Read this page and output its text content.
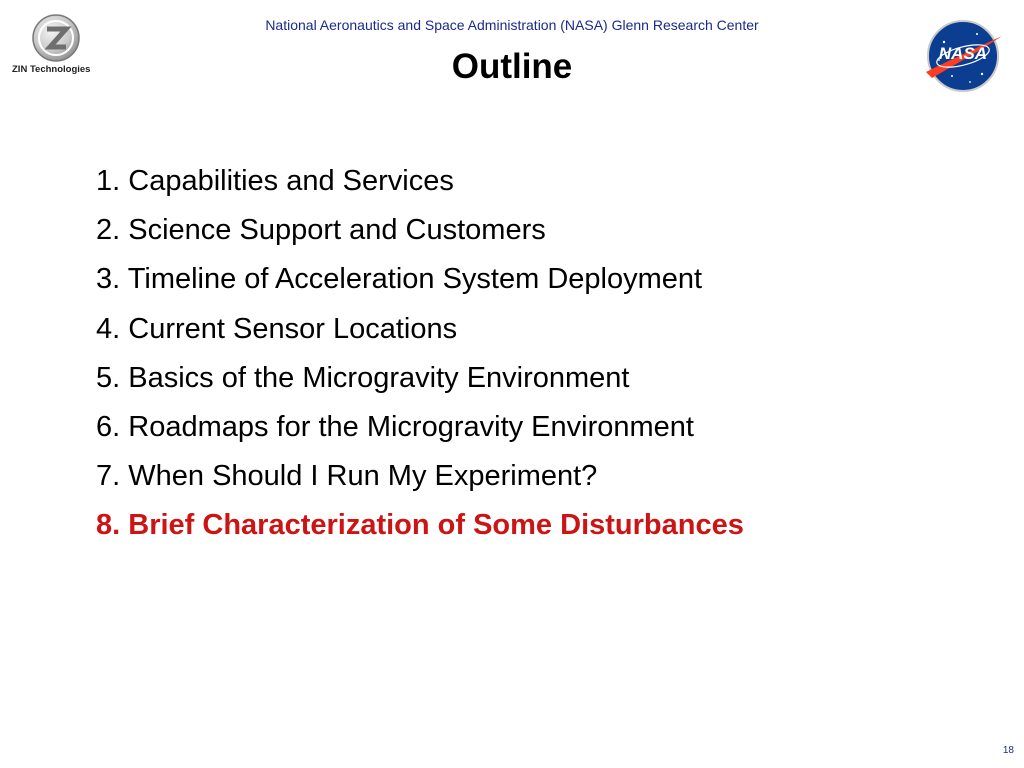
ZIN Technologies
National Aeronautics and Space Administration (NASA) Glenn Research Center
Outline	NASA
1. Capabilities and Services
2. Science Support and Customers
3. Timeline of Acceleration System Deployment
4. Current Sensor Locations
5. Basics of the Microgravity Environment
6. Roadmaps for the Microgravity Environment
7. When Should I Run My Experiment?
8. Brief Characterization of Some Disturbances
18
